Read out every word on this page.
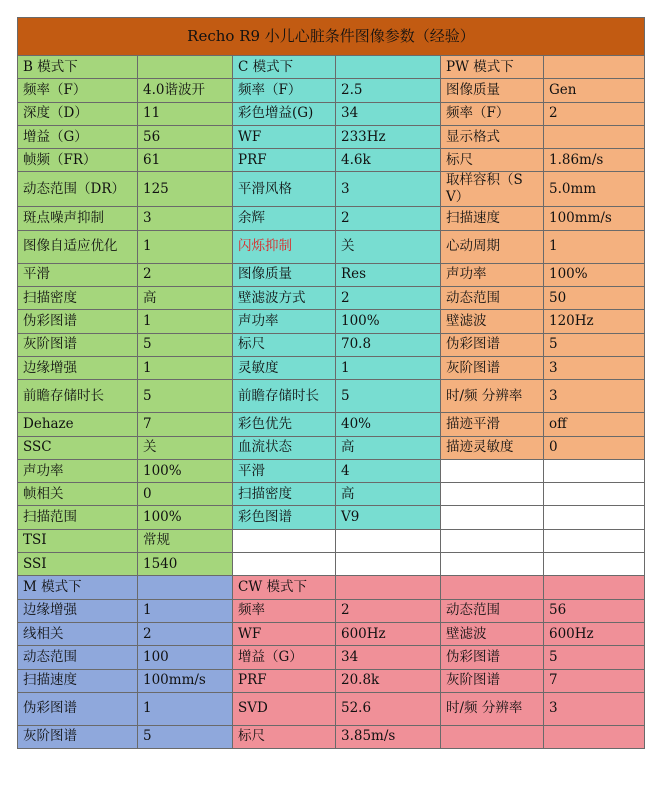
Recho R9 小儿心脏条件图像参数（经验）					
B 模式下		C 模式下		PW 模式下	
频率（F）	4.0谐波开	频率（F）	2.5	图像质量	Gen
深度（D）	11	彩色增益(G)	34	频率（F）	2
增益（G）	56	WF	233Hz	显示格式	
帧频（FR）	61	PRF	4.6k	标尺	1.86m/s
动态范围（DR）	125	平滑风格	3	取样容积（SV）	5.0mm
斑点噪声抑制	3	余辉	2	扫描速度	100mm/s
图像自适应优化	1	闪烁抑制	关	心动周期	1
平滑	2	图像质量	Res	声功率	100%
扫描密度	高	壁滤波方式	2	动态范围	50
伪彩图谱	1	声功率	100%	壁滤波	120Hz
灰阶图谱	5	标尺	70.8	伪彩图谱	5
边缘增强	1	灵敏度	1	灰阶图谱	3
前瞻存储时长	5	前瞻存储时长	5	时/频 分辨率	3
Dehaze	7	彩色优先	40%	描迹平滑	off
SSC	关	血流状态	高	描迹灵敏度	0
声功率	100%	平滑	4		
帧相关	0	扫描密度	高		
扫描范围	100%	彩色图谱	V9		
TSI	常规				
SSI	1540				
M 模式下		CW 模式下			
边缘增强	1	频率	2	动态范围	56
线相关	2	WF	600Hz	壁滤波	600Hz
动态范围	100	增益（G）	34	伪彩图谱	5
扫描速度	100mm/s	PRF	20.8k	灰阶图谱	7
伪彩图谱	1	SVD	52.6	时/频 分辨率	3
灰阶图谱	5	标尺	3.85m/s		
